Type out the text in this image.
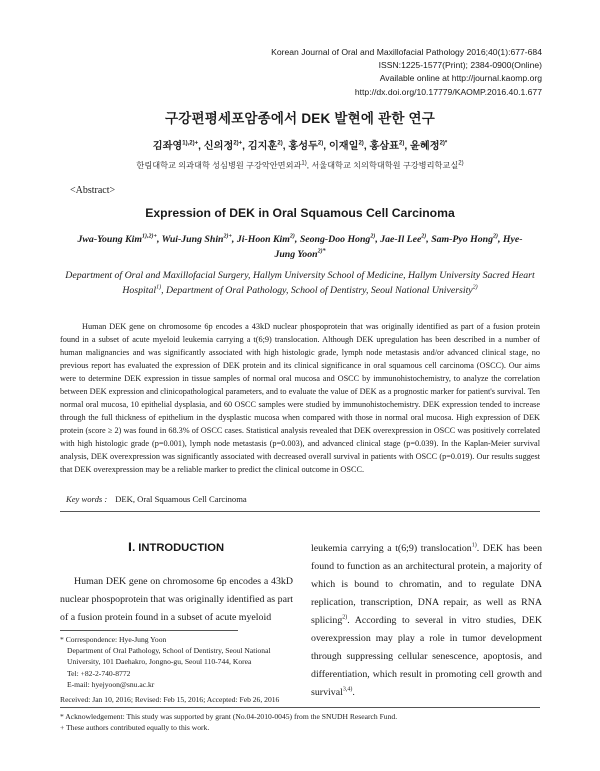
Korean Journal of Oral and Maxillofacial Pathology 2016;40(1):677-684
ISSN:1225-1577(Print); 2384-0900(Online)
Available online at http://journal.kaomp.org
http://dx.doi.org/10.17779/KAOMP.2016.40.1.677
구강편평세포암종에서 DEK 발현에 관한 연구
김좌영$^{1),2)+}$, 신의정$^{2)+}$, 김지훈$^{2)}$, 홍성두$^{2)}$, 이재일$^{2)}$, 홍삼표$^{2)}$, 윤혜정$^{2)*}$
한림대학교 의과대학 성심병원 구강악안면외과$^{1)}$, 서울대학교 치의학대학원 구강병리학교실$^{2)}$
<Abstract>
Expression of DEK in Oral Squamous Cell Carcinoma
Jwa-Young Kim$^{1),2)+}$, Wui-Jung Shin$^{2)+}$, Ji-Hoon Kim$^{2)}$, Seong-Doo Hong$^{2)}$, Jae-Il Lee$^{2)}$, Sam-Pyo Hong$^{2)}$, Hye-Jung Yoon$^{2)*}$
Department of Oral and Maxillofacial Surgery, Hallym University School of Medicine, Hallym University Sacred Heart Hospital$^{1)}$, Department of Oral Pathology, School of Dentistry, Seoul National University$^{2)}$
Human DEK gene on chromosome 6p encodes a 43kD nuclear phospoprotein that was originally identified as part of a fusion protein found in a subset of acute myeloid leukemia carrying a t(6;9) translocation. Although DEK upregulation has been described in a number of human malignancies and was significantly associated with high histologic grade, lymph node metastasis and/or advanced clinical stage, no previous report has evaluated the expression of DEK protein and its clinical significance in oral squamous cell carcinoma (OSCC). Our aims were to determine DEK expression in tissue samples of normal oral mucosa and OSCC by immunohistochemistry, to analyze the correlation between DEK expression and clinicopathological parameters, and to evaluate the value of DEK as a prognostic marker for patient's survival. Ten normal oral mucosa, 10 epithelial dysplasia, and 60 OSCC samples were studied by immunohistochemistry. DEK expression tended to increase through the full thickness of epithelium in the dysplastic mucosa when compared with those in normal oral mucosa. High expression of DEK protein (score ≥ 2) was found in 68.3% of OSCC cases. Statistical analysis revealed that DEK overexpression in OSCC was positively correlated with high histologic grade (p=0.001), lymph node metastasis (p=0.003), and advanced clinical stage (p=0.039). In the Kaplan-Meier survival analysis, DEK overexpression was significantly associated with decreased overall survival in patients with OSCC (p=0.019). Our results suggest that DEK overexpression may be a reliable marker to predict the clinical outcome in OSCC.
Key words : DEK, Oral Squamous Cell Carcinoma
Ⅰ. INTRODUCTION
Human DEK gene on chromosome 6p encodes a 43kD nuclear phospoprotein that was originally identified as part of a fusion protein found in a subset of acute myeloid
leukemia carrying a t(6;9) translocation$^{1)}$. DEK has been found to function as an architectural protein, a majority of which is bound to chromatin, and to regulate DNA replication, transcription, DNA repair, as well as RNA splicing$^{2)}$. According to several in vitro studies, DEK overexpression may play a role in tumor development through suppressing cellular senescence, apoptosis, and differentiation, which result in promoting cell growth and survival$^{3,4)}$.
* Correspondence: Hye-Jung Yoon
Department of Oral Pathology, School of Dentistry, Seoul National
University, 101 Daehakro, Jongno-gu, Seoul 110-744, Korea
Tel: +82-2-740-8772
E-mail: hyejyoon@snu.ac.kr
Received: Jan 10, 2016; Revised: Feb 15, 2016; Accepted: Feb 26, 2016
* Acknowledgement: This study was supported by grant (No.04-2010-0045) from the SNUDH Research Fund.
+ These authors contributed equally to this work.
